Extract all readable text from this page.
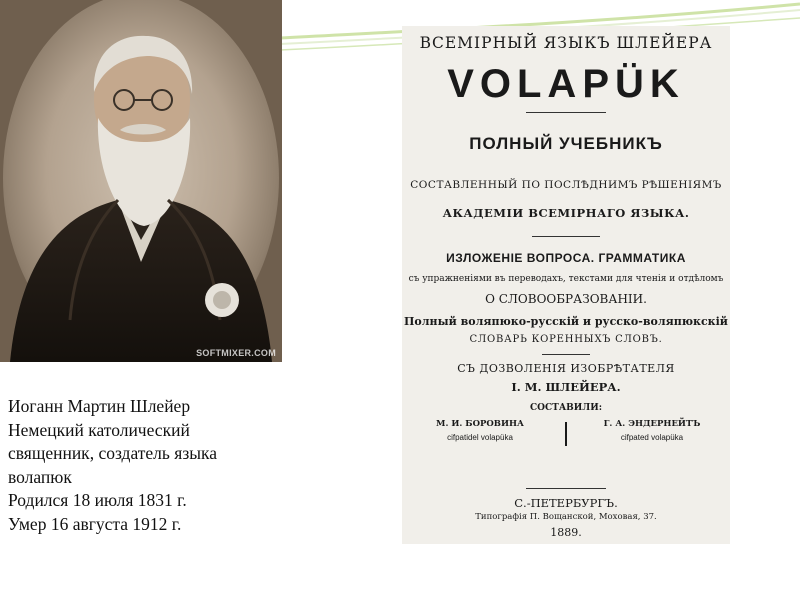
SOFTMIXER.COM
Иоганн Мартин Шлейер
Немецкий католический
священник, создатель языка
волапюк
Родился 18 июля 1831 г.
Умер 16 августа 1912 г.
ВСЕМIРНЫЙ ЯЗЫКЪ ШЛЕЙЕРА
VOLAPÜK
ПОЛНЫЙ УЧЕБНИКЪ
СОСТАВЛЕННЫЙ ПО ПОСЛѢДНИМЪ РѢШЕНIЯМЪ
АКАДЕМIИ ВСЕМIРНАГО ЯЗЫКА.
ИЗЛОЖЕНIЕ ВОПРОСА. ГРАММАТИКА
съ упражненiями въ переводахъ, текстами для чтенiя и отдѣломъ
О СЛОВООБРАЗОВАНIИ.
Полный воляпюко-русскiй и русско-воляпюкскiй
СЛОВАРЬ КОРЕННЫХЪ СЛОВЪ.
СЪ ДОЗВОЛЕНIЯ ИЗОБРѢТАТЕЛЯ
I. М. ШЛЕЙЕРА.
СОСТАВИЛИ:
М. И. БОРОВИНА
cifpatidel volapüka
Г. А. ЭНДЕРНЕЙТЪ
cifpated volapüka
С.-ПЕТЕРБУРГЪ.
Типографiя П. Вощанской, Моховая, 37.
1889.
